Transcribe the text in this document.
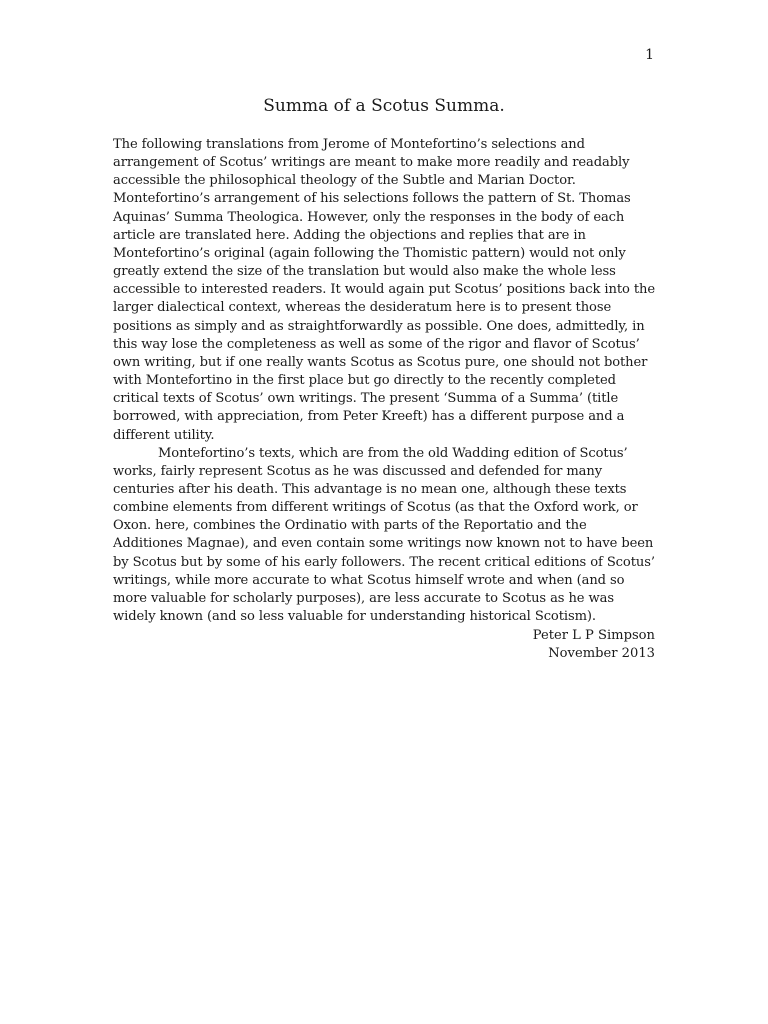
1
Summa of a Scotus Summa.

The following translations from Jerome of Montefortino’s selections and arrangement of Scotus’ writings are meant to make more readily and readably accessible the philosophical theology of the Subtle and Marian Doctor. Montefortino’s arrangement of his selections follows the pattern of St. Thomas Aquinas’ Summa Theologica. However, only the responses in the body of each article are translated here. Adding the objections and replies that are in Montefortino’s original (again following the Thomistic pattern) would not only greatly extend the size of the translation but would also make the whole less accessible to interested readers. It would again put Scotus’ positions back into the larger dialectical context, whereas the desideratum here is to present those positions as simply and as straightforwardly as possible. One does, admittedly, in this way lose the completeness as well as some of the rigor and flavor of Scotus’ own writing, but if one really wants Scotus as Scotus pure, one should not bother with Montefortino in the first place but go directly to the recently completed critical texts of Scotus’ own writings. The present ‘Summa of a Summa’ (title borrowed, with appreciation, from Peter Kreeft) has a different purpose and a different utility.

Montefortino’s texts, which are from the old Wadding edition of Scotus’ works, fairly represent Scotus as he was discussed and defended for many centuries after his death. This advantage is no mean one, although these texts combine elements from different writings of Scotus (as that the Oxford work, or Oxon. here, combines the Ordinatio with parts of the Reportatio and the Additiones Magnae), and even contain some writings now known not to have been by Scotus but by some of his early followers. The recent critical editions of Scotus’ writings, while more accurate to what Scotus himself wrote and when (and so more valuable for scholarly purposes), are less accurate to Scotus as he was widely known (and so less valuable for understanding historical Scotism).

Peter L P Simpson
November 2013
